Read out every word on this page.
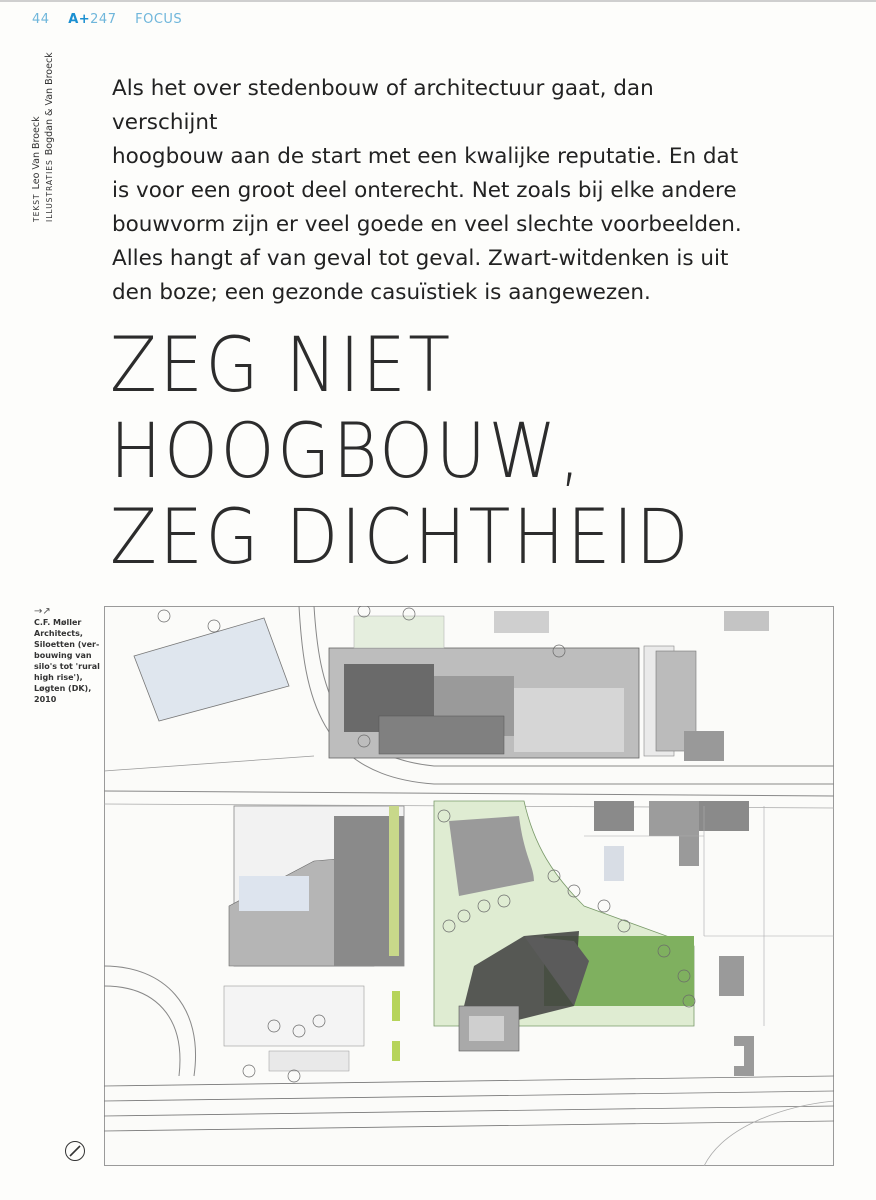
44 A+247 FOCUS
TEKSTLeo Van Broeck
ILLUSTRATIESBogdan & Van Broeck	Als het over stedenbouw of architectuur gaat, dan verschijnt

hoogbouw aan de start met een kwalijke reputatie. En dat

is voor een groot deel onterecht. Net zoals bij elke andere

bouwvorm zijn er veel goede en veel slechte voorbeelden.

Alles hangt af van geval tot geval. Zwart-witdenken is uit

den boze; een gezonde casuïstiek is aangewezen.

ZEG NIET
HOOGBOUW,
ZEG DICHTHEID
→↗
C.F. Møller
Architects,
Siloetten (ver-
bouwing van
silo's tot 'rural
high rise'),
Løgten (DK),
2010
